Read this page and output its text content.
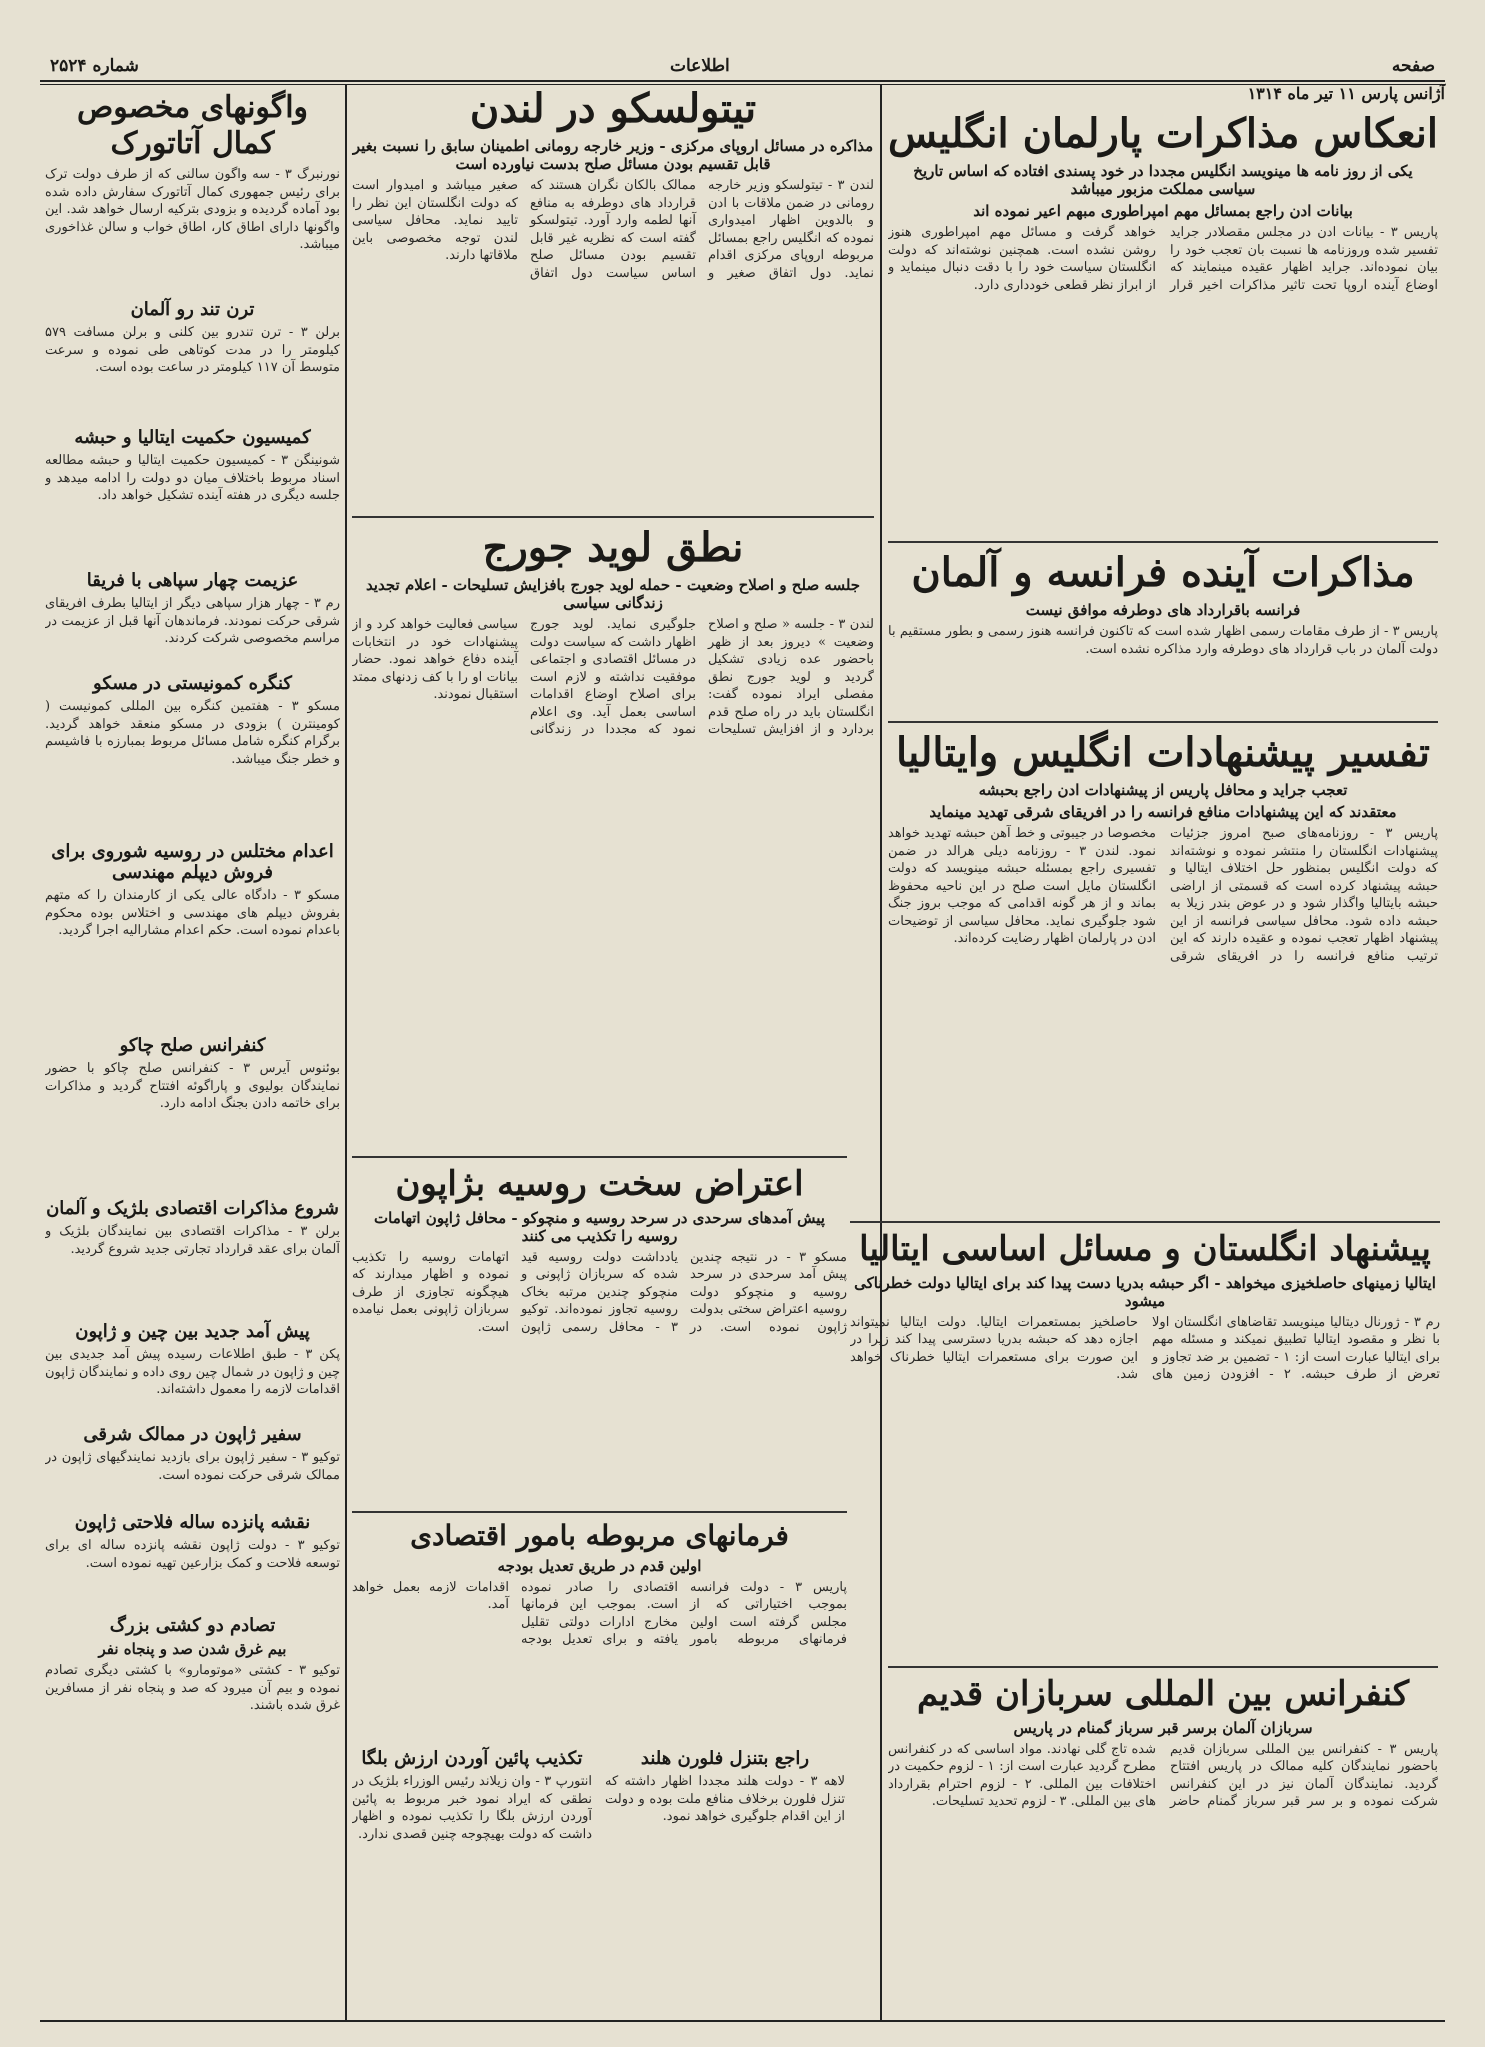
صفحه
اطلاعات
شماره ۲۵۲۴
آژانس پارس ۱۱ تیر ماه ۱۳۱۴
انعکاس مذاکرات پارلمان انگلیس
یکی از روز نامه ها مینویسد انگلیس مجددا در خود پسندی افتاده که اساس تاریخ سیاسی مملکت مزبور میباشد
بیانات ادن راجع بمسائل مهم امپراطوری مبهم اعیر نموده اند

پاریس ۳ - بیانات ادن در مجلس مقصلادر جراید تفسیر شده وروزنامه ها نسبت بان تعجب خود را بیان نموده‌اند. جراید اظهار عقیده مینمایند که اوضاع آینده اروپا تحت تاثیر مذاکرات اخیر قرار خواهد گرفت و مسائل مهم امپراطوری هنوز روشن نشده است. همچنین نوشته‌اند که دولت انگلستان سیاست خود را با دقت دنبال مینماید و از ابراز نظر قطعی خودداری دارد.

مذاکرات آینده فرانسه و آلمان
فرانسه باقرارداد های دوطرفه موافق نیست

پاریس ۳ - از طرف مقامات رسمی اظهار شده است که تاکنون فرانسه هنوز رسمی و بطور مستقیم با دولت آلمان در باب قرارداد های دوطرفه وارد مذاکره نشده است.

تفسیر پیشنهادات انگلیس وایتالیا
تعجب جراید و محافل پاریس از پیشنهادات ادن راجع بحبشه
معتقدند که این پیشنهادات منافع فرانسه را در افریقای شرقی تهدید مینماید

پاریس ۳ - روزنامه‌های صبح امروز جزئیات پیشنهادات انگلستان را منتشر نموده و نوشته‌اند که دولت انگلیس بمنظور حل اختلاف ایتالیا و حبشه پیشنهاد کرده است که قسمتی از اراضی حبشه بایتالیا واگذار شود و در عوض بندر زیلا به حبشه داده شود. محافل سیاسی فرانسه از این پیشنهاد اظهار تعجب نموده و عقیده دارند که این ترتیب منافع فرانسه را در افریقای شرقی مخصوصا در جیبوتی و خط آهن حبشه تهدید خواهد نمود. لندن ۳ - روزنامه دیلی هرالد در ضمن تفسیری راجع بمسئله حبشه مینویسد که دولت انگلستان مایل است صلح در این ناحیه محفوظ بماند و از هر گونه اقدامی که موجب بروز جنگ شود جلوگیری نماید. محافل سیاسی از توضیحات ادن در پارلمان اظهار رضایت کرده‌اند.

پیشنهاد انگلستان و مسائل اساسی ایتالیا
ایتالیا زمینهای حاصلخیزی میخواهد - اگر حبشه بدریا دست پیدا کند برای ایتالیا دولت خطرناکی میشود

رم ۳ - ژورنال دیتالیا مینویسد تقاضاهای انگلستان اولا با نظر و مقصود ایتالیا تطبیق نمیکند و مسئله مهم برای ایتالیا عبارت است از: ۱ - تضمین بر ضد تجاوز و تعرض از طرف حبشه. ۲ - افزودن زمین های حاصلخیز بمستعمرات ایتالیا. دولت ایتالیا نمیتواند اجازه دهد که حبشه بدریا دسترسی پیدا کند زیرا در این صورت برای مستعمرات ایتالیا خطرناک خواهد شد.

کنفرانس بین المللی سربازان قدیم
سربازان آلمان برسر قبر سرباز گمنام در پاریس

پاریس ۳ - کنفرانس بین المللی سربازان قدیم باحضور نمایندگان کلیه ممالک در پاریس افتتاح گردید. نمایندگان آلمان نیز در این کنفرانس شرکت نموده و بر سر قبر سرباز گمنام حاضر شده تاج گلی نهادند. مواد اساسی که در کنفرانس مطرح گردید عبارت است از: ۱ - لزوم حکمیت در اختلافات بین المللی. ۲ - لزوم احترام بقرارداد های بین المللی. ۳ - لزوم تحدید تسلیحات.

تیتولسکو در لندن
مذاکره در مسائل اروپای مرکزی - وزیر خارجه رومانی اطمینان سابق را نسبت بغیر قابل تقسیم بودن مسائل صلح بدست نیاورده است

لندن ۳ - تیتولسکو وزیر خارجه رومانی در ضمن ملاقات با ادن و بالدوین اظهار امیدواری نموده که انگلیس راجع بمسائل مربوطه اروپای مرکزی اقدام نماید. دول اتفاق صغیر و ممالک بالکان نگران هستند که قرارداد های دوطرفه به منافع آنها لطمه وارد آورد. تیتولسکو گفته است که نظریه غیر قابل تقسیم بودن مسائل صلح اساس سیاست دول اتفاق صغیر میباشد و امیدوار است که دولت انگلستان این نظر را تایید نماید. محافل سیاسی لندن توجه مخصوصی باین ملاقاتها دارند.

نطق لوید جورج
جلسه صلح و اصلاح وضعیت - حمله لوید جورج بافزایش تسلیحات - اعلام تجدید زندگانی سیاسی

لندن ۳ - جلسه « صلح و اصلاح وضعیت » دیروز بعد از ظهر باحضور عده زیادی تشکیل گردید و لوید جورج نطق مفصلی ایراد نموده گفت: انگلستان باید در راه صلح قدم بردارد و از افزایش تسلیحات جلوگیری نماید. لوید جورج اظهار داشت که سیاست دولت در مسائل اقتصادی و اجتماعی موفقیت نداشته و لازم است برای اصلاح اوضاع اقدامات اساسی بعمل آید. وی اعلام نمود که مجددا در زندگانی سیاسی فعالیت خواهد کرد و از پیشنهادات خود در انتخابات آینده دفاع خواهد نمود. حضار بیانات او را با کف زدنهای ممتد استقبال نمودند.

اعتراض سخت روسیه بژاپون
پیش آمدهای سرحدی در سرحد روسیه و منچوکو - محافل ژاپون اتهامات روسیه را تکذیب می کنند

مسکو ۳ - در نتیجه چندین پیش آمد سرحدی در سرحد روسیه و منچوکو دولت روسیه اعتراض سختی بدولت ژاپون نموده است. در یادداشت دولت روسیه قید شده که سربازان ژاپونی و منچوکو چندین مرتبه بخاک روسیه تجاوز نموده‌اند. توکیو ۳ - محافل رسمی ژاپون اتهامات روسیه را تکذیب نموده و اظهار میدارند که هیچگونه تجاوزی از طرف سربازان ژاپونی بعمل نیامده است.

فرمانهای مربوطه بامور اقتصادی
اولین قدم در طریق تعدیل بودجه

پاریس ۳ - دولت فرانسه بموجب اختیاراتی که از مجلس گرفته است اولین فرمانهای مربوطه بامور اقتصادی را صادر نموده است. بموجب این فرمانها مخارج ادارات دولتی تقلیل یافته و برای تعدیل بودجه اقدامات لازمه بعمل خواهد آمد.

تکذیب پائین آوردن ارزش بلگا

انتورپ ۳ - وان زیلاند رئیس الوزراء بلژیک در نطقی که ایراد نمود خبر مربوط به پائین آوردن ارزش بلگا را تکذیب نموده و اظهار داشت که دولت بهیچوجه چنین قصدی ندارد.

راجع بتنزل فلورن هلند

لاهه ۳ - دولت هلند مجددا اظهار داشته که تنزل فلورن برخلاف منافع ملت بوده و دولت از این اقدام جلوگیری خواهد نمود.

واگونهای مخصوص کمال آتاتورک

نورنبرگ ۳ - سه واگون سالنی که از طرف دولت ترک برای رئیس جمهوری کمال آتاتورک سفارش داده شده بود آماده گردیده و بزودی بترکیه ارسال خواهد شد. این واگونها دارای اطاق کار، اطاق خواب و سالن غذاخوری میباشد.

ترن تند رو آلمان

برلن ۳ - ترن تندرو بین کلنی و برلن مسافت ۵۷۹ کیلومتر را در مدت کوتاهی طی نموده و سرعت متوسط آن ۱۱۷ کیلومتر در ساعت بوده است.

کمیسیون حکمیت ایتالیا و حبشه

شونینگن ۳ - کمیسیون حکمیت ایتالیا و حبشه مطالعه اسناد مربوط باختلاف میان دو دولت را ادامه میدهد و جلسه دیگری در هفته آینده تشکیل خواهد داد.

عزیمت چهار سپاهی با فریقا

رم ۳ - چهار هزار سپاهی دیگر از ایتالیا بطرف افریقای شرقی حرکت نمودند. فرماندهان آنها قبل از عزیمت در مراسم مخصوصی شرکت کردند.

کنگره کمونیستی در مسکو

مسکو ۳ - هفتمین کنگره بین المللی کمونیست ( کومینترن ) بزودی در مسکو منعقد خواهد گردید. برگرام کنگره شامل مسائل مربوط بمبارزه با فاشیسم و خطر جنگ میباشد.

اعدام مختلس در روسیه شوروی برای فروش دیپلم مهندسی

مسکو ۳ - دادگاه عالی یکی از کارمندان را که متهم بفروش دیپلم های مهندسی و اختلاس بوده محکوم باعدام نموده است. حکم اعدام مشارالیه اجرا گردید.

کنفرانس صلح چاکو

بوئنوس آیرس ۳ - کنفرانس صلح چاکو با حضور نمایندگان بولیوی و پاراگوئه افتتاح گردید و مذاکرات برای خاتمه دادن بجنگ ادامه دارد.

شروع مذاکرات اقتصادی بلژیک و آلمان

برلن ۳ - مذاکرات اقتصادی بین نمایندگان بلژیک و آلمان برای عقد قرارداد تجارتی جدید شروع گردید.

پیش آمد جدید بین چین و ژاپون

پکن ۳ - طبق اطلاعات رسیده پیش آمد جدیدی بین چین و ژاپون در شمال چین روی داده و نمایندگان ژاپون اقدامات لازمه را معمول داشته‌اند.

سفیر ژاپون در ممالک شرقی

توکیو ۳ - سفیر ژاپون برای بازدید نمایندگیهای ژاپون در ممالک شرقی حرکت نموده است.

نقشه پانزده ساله فلاحتی ژاپون

توکیو ۳ - دولت ژاپون نقشه پانزده ساله ای برای توسعه فلاحت و کمک بزارعین تهیه نموده است.

تصادم دو کشتی بزرگ
بیم غرق شدن صد و پنجاه نفر

توکیو ۳ - کشتی «موتومارو» با کشتی دیگری تصادم نموده و بیم آن میرود که صد و پنجاه نفر از مسافرین غرق شده باشند.
